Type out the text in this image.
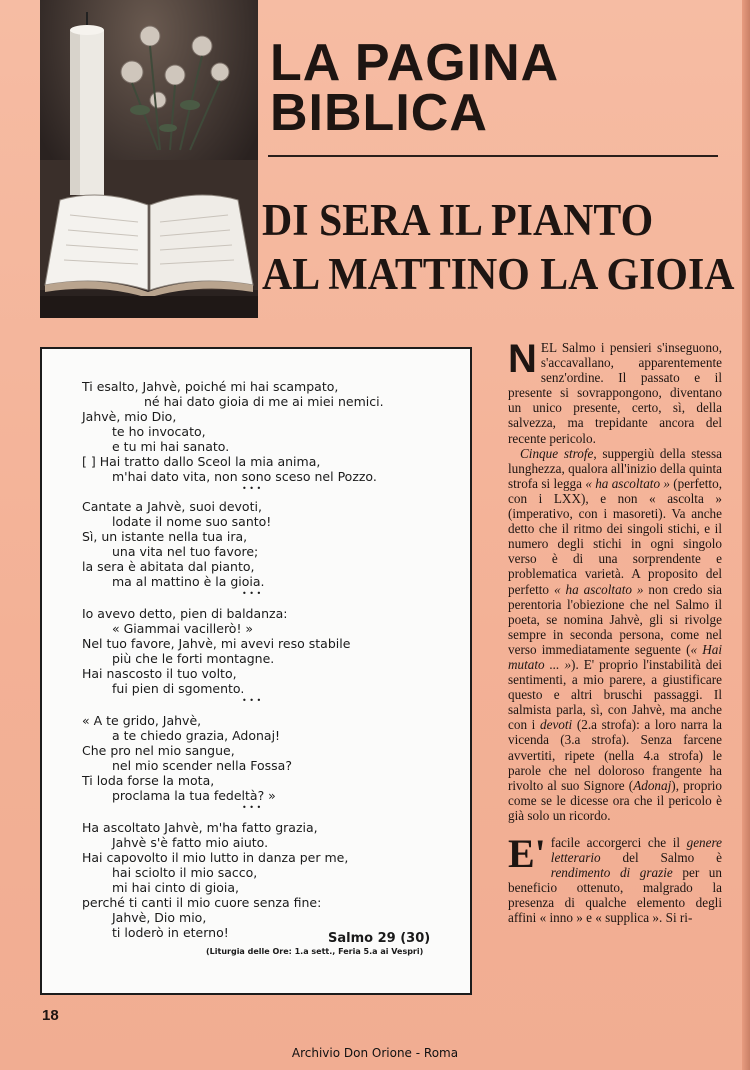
LA PAGINA
BIBLICA
DI SERA IL PIANTO
AL MATTINO LA GIOIA
Ti esalto, Jahvè, poiché mi hai scampato,
né hai dato gioia di me ai miei nemici.
Jahvè, mio Dio,
te ho invocato,
e tu mi hai sanato.
[ ] Hai tratto dallo Sceol la mia anima,
m'hai dato vita, non sono sceso nel Pozzo.
• • •
Cantate a Jahvè, suoi devoti,
lodate il nome suo santo!
Sì, un istante nella tua ira,
una vita nel tuo favore;
la sera è abitata dal pianto,
ma al mattino è la gioia.
• • •
Io avevo detto, pien di baldanza:
« Giammai vacillerò! »
Nel tuo favore, Jahvè, mi avevi reso stabile
più che le forti montagne.
Hai nascosto il tuo volto,
fui pien di sgomento.
• • •
« A te grido, Jahvè,
a te chiedo grazia, Adonaj!
Che pro nel mio sangue,
nel mio scender nella Fossa?
Ti loda forse la mota,
proclama la tua fedeltà? »
• • •
Ha ascoltato Jahvè, m'ha fatto grazia,
Jahvè s'è fatto mio aiuto.
Hai capovolto il mio lutto in danza per me,
hai sciolto il mio sacco,
mi hai cinto di gioia,
perché ti canti il mio cuore senza fine:
Jahvè, Dio mio,
ti loderò in eterno!	Salmo 29 (30)
(Liturgia delle Ore: 1.a sett., Feria 5.a ai Vespri)

NEL Salmo i pensieri s'inseguono, s'accavallano, apparentemente senz'ordine. Il passato e il presente si sovrappongono, diventano un unico presente, certo, sì, della salvezza, ma trepidante ancora del recente pericolo.

Cinque strofe, suppergiù della stessa lunghezza, qualora all'inizio della quinta strofa si legga « ha ascoltato » (perfetto, con i LXX), e non « ascolta » (imperativo, con i masoreti). Va anche detto che il ritmo dei singoli stichi, e il numero degli stichi in ogni singolo verso è di una sorprendente e problematica varietà. A proposito del perfetto « ha ascoltato » non credo sia perentoria l'obiezione che nel Salmo il poeta, se nomina Jahvè, gli si rivolge sempre in seconda persona, come nel verso immediatamente seguente (« Hai mutato ... »). E' proprio l'instabilità dei sentimenti, a mio parere, a giustificare questo e altri bruschi passaggi. Il salmista parla, sì, con Jahvè, ma anche con i devoti (2.a strofa): a loro narra la vicenda (3.a strofa). Senza farcene avvertiti, ripete (nella 4.a strofa) le parole che nel doloroso frangente ha rivolto al suo Signore (Adonaj), proprio come se le dicesse ora che il pericolo è già solo un ricordo.

E' facile accorgerci che il genere letterario del Salmo è rendimento di grazie per un beneficio ottenuto, malgrado la presenza di qualche elemento degli affini « inno » e « supplica ». Si ri-

18
Archivio Don Orione - Roma
